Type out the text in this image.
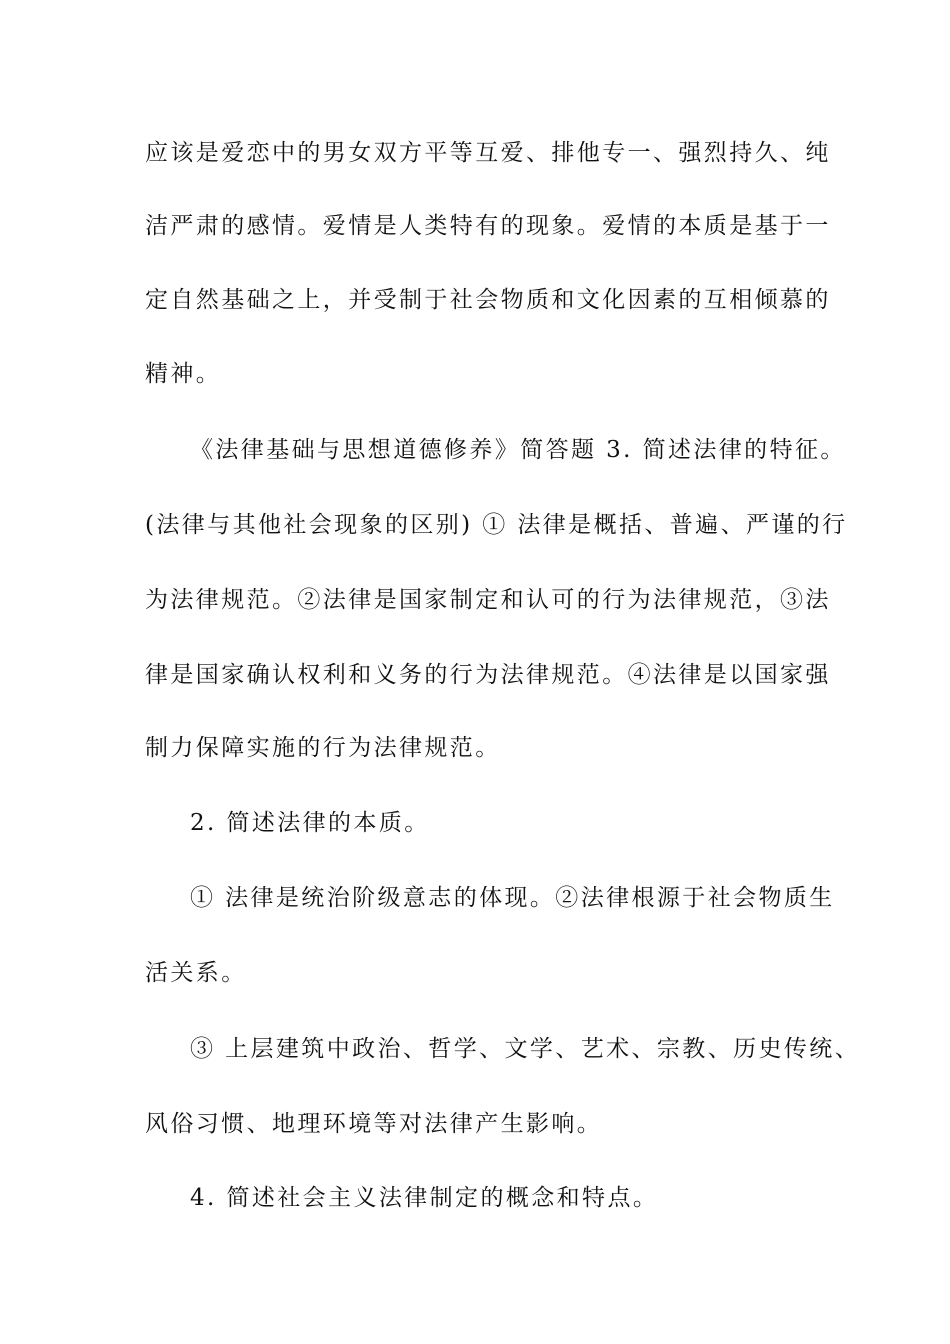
应该是爱恋中的男女双方平等互爱、排他专一、强烈持久、纯
洁严肃的感情。爱情是人类特有的现象。爱情的本质是基于一
定自然基础之上，并受制于社会物质和文化因素的互相倾慕的
精神。
《法律基础与思想道德修养》简答题 3. 简述法律的特征。
(法律与其他社会现象的区别) ① 法律是概括、普遍、严谨的行
为法律规范。②法律是国家制定和认可的行为法律规范，③法
律是国家确认权利和义务的行为法律规范。④法律是以国家强
制力保障实施的行为法律规范。
2. 简述法律的本质。
① 法律是统治阶级意志的体现。②法律根源于社会物质生
活关系。
③ 上层建筑中政治、哲学、文学、艺术、宗教、历史传统、
风俗习惯、地理环境等对法律产生影响。
4. 简述社会主义法律制定的概念和特点。
